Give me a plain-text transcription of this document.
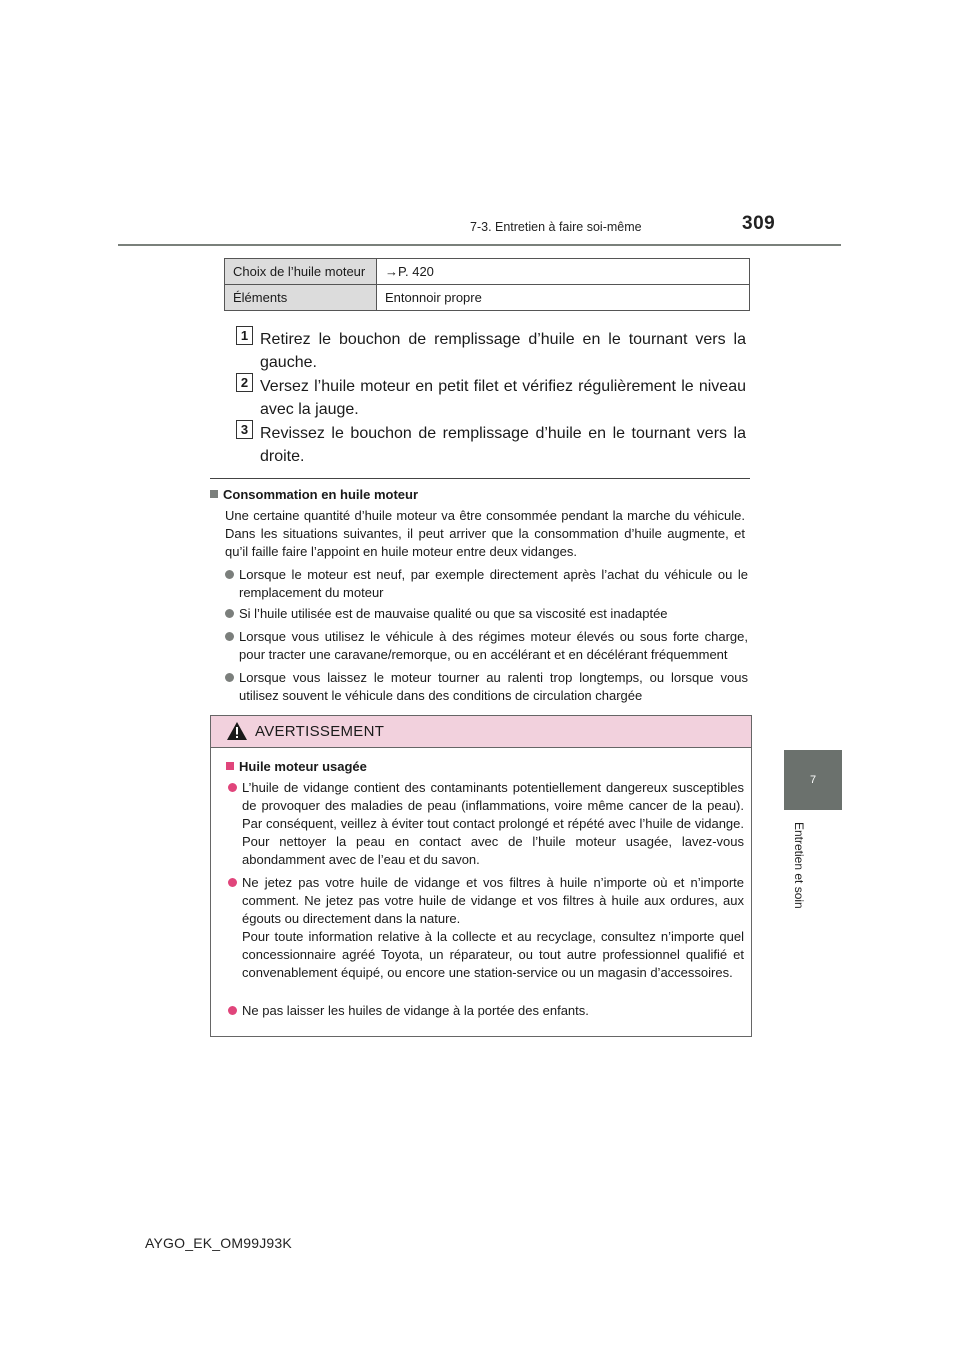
7-3. Entretien à faire soi-même	309
7
Entretien et soin
Choix de l’huile moteur	→P. 420
Éléments	Entonnoir propre
1 Retirez le bouchon de remplissage d’huile en le tournant vers la gauche.
2 Versez l’huile moteur en petit filet et vérifiez régulièrement le niveau avec la jauge.
3 Revissez le bouchon de remplissage d’huile en le tournant vers la droite.
Consommation en huile moteur
Une certaine quantité d’huile moteur va être consommée pendant la marche du véhicule. Dans les situations suivantes, il peut arriver que la consommation d’huile augmente, et qu’il faille faire l’appoint en huile moteur entre deux vidanges.
Lorsque le moteur est neuf, par exemple directement après l’achat du véhicule ou le remplacement du moteur
Si l’huile utilisée est de mauvaise qualité ou que sa viscosité est inadaptée
Lorsque vous utilisez le véhicule à des régimes moteur élevés ou sous forte charge, pour tracter une caravane/remorque, ou en accélérant et en décélérant fréquemment
Lorsque vous laissez le moteur tourner au ralenti trop longtemps, ou lorsque vous utilisez souvent le véhicule dans des conditions de circulation chargée
AVERTISSEMENT
Huile moteur usagée

L’huile de vidange contient des contaminants potentiellement dangereux susceptibles de provoquer des maladies de peau (inflammations, voire même cancer de la peau). Par conséquent, veillez à éviter tout contact prolongé et répété avec l’huile de vidange. Pour nettoyer la peau en contact avec de l’huile moteur usagée, lavez-vous abondamment avec de l’eau et du savon.

Ne jetez pas votre huile de vidange et vos filtres à huile n’importe où et n’importe comment. Ne jetez pas votre huile de vidange et vos filtres à huile aux ordures, aux égouts ou directement dans la nature.

Pour toute information relative à la collecte et au recyclage, consultez n’importe quel concessionnaire agréé Toyota, un réparateur, ou tout autre professionnel qualifié et convenablement équipé, ou encore une station-service ou un magasin d’accessoires.

Ne pas laisser les huiles de vidange à la portée des enfants.

AYGO_EK_OM99J93K
